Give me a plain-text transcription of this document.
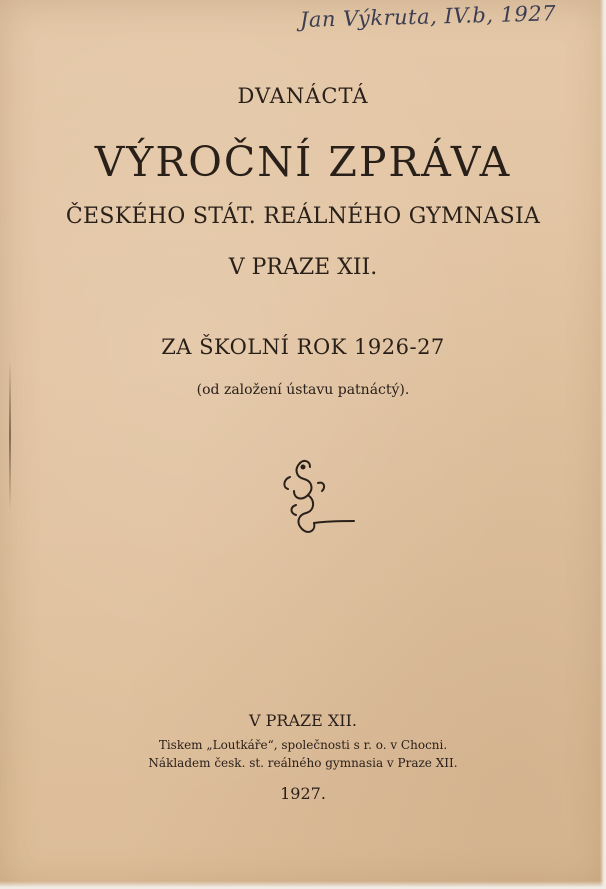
Jan Výkruta, IV.b, 1927
DVANÁCTÁ
VÝROČNÍ ZPRÁVA
ČESKÉHO STÁT. REÁLNÉHO GYMNASIA
V PRAZE XII.
ZA ŠKOLNÍ ROK 1926-27
(od založení ústavu patnáctý).
V PRAZE XII.
Tiskem „Loutkáře“, společnosti s r. o. v Chocni.
Nákladem česk. st. reálného gymnasia v Praze XII.
1927.
